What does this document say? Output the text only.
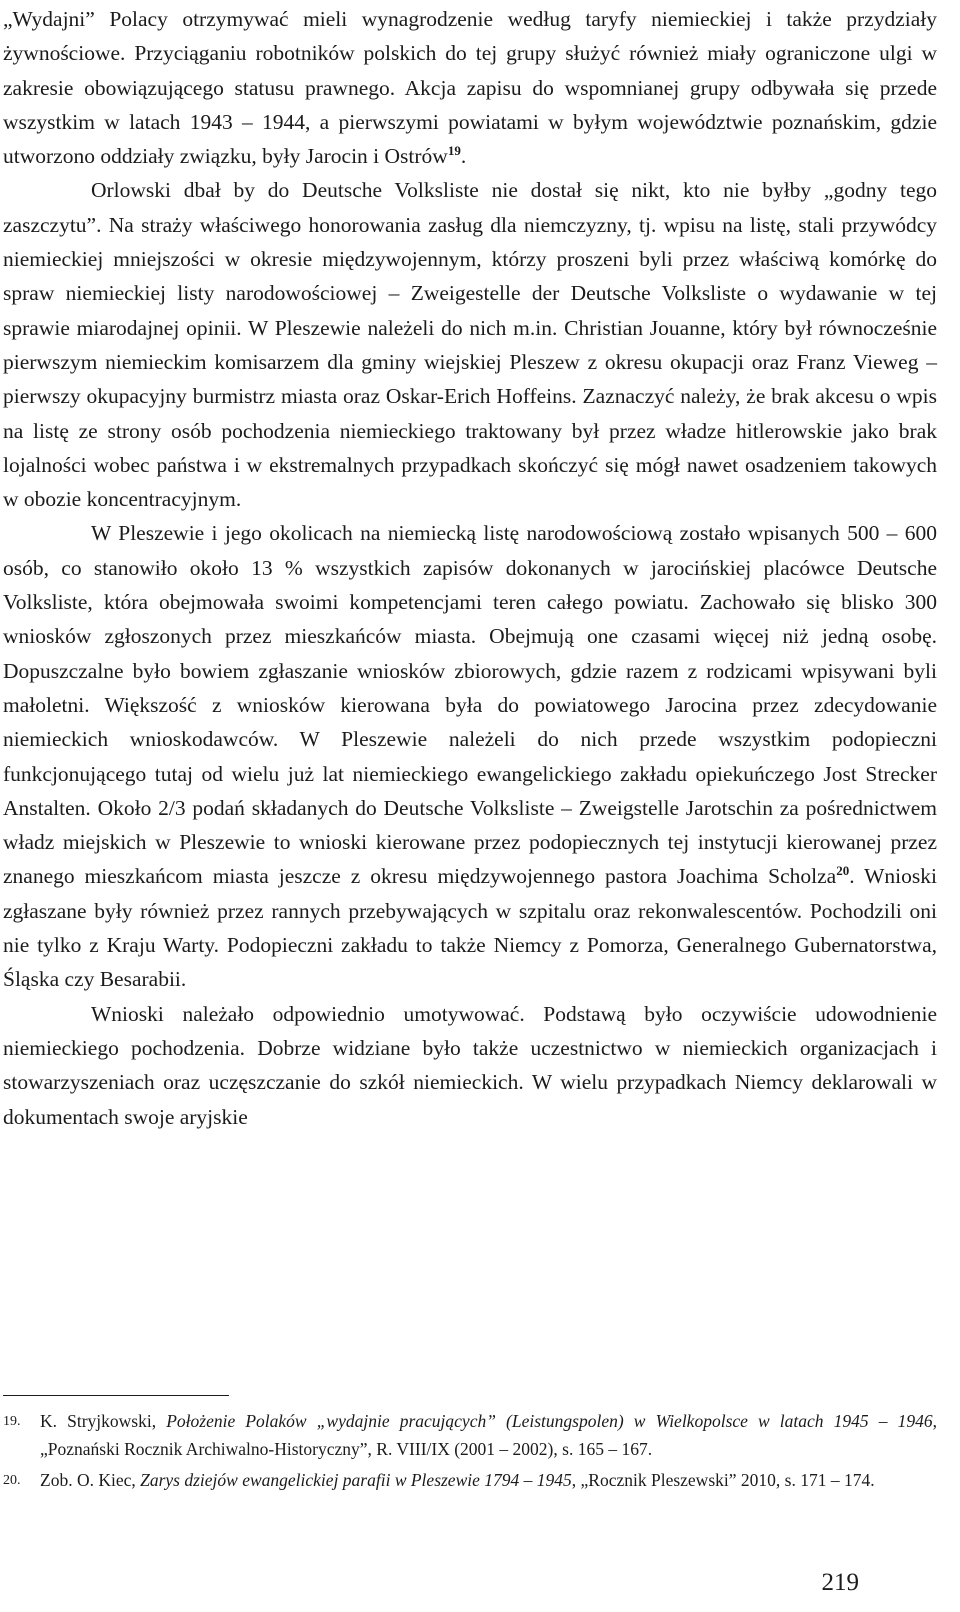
„Wydajni” Polacy otrzymywać mieli wynagrodzenie według taryfy niemieckiej i także przydziały żywnościowe. Przyciąganiu robotników polskich do tej grupy służyć również miały ograniczone ulgi w zakresie obowiązującego statusu prawnego. Akcja zapisu do wspomnianej grupy odbywała się przede wszystkim w latach 1943 – 1944, a pierwszymi powiatami w byłym województwie poznańskim, gdzie utworzono oddziały związku, były Jarocin i Ostrów$^{19}$.

Orlowski dbał by do Deutsche Volksliste nie dostał się nikt, kto nie byłby „godny tego zaszczytu”. Na straży właściwego honorowania zasług dla niemczyzny, tj. wpisu na listę, stali przywódcy niemieckiej mniejszości w okresie międzywojennym, którzy proszeni byli przez właściwą komórkę do spraw niemieckiej listy narodowościowej – Zweigestelle der Deutsche Volksliste o wydawanie w tej sprawie miarodajnej opinii. W Pleszewie należeli do nich m.in. Christian Jouanne, który był równocześnie pierwszym niemieckim komisarzem dla gminy wiejskiej Pleszew z okresu okupacji oraz Franz Vieweg – pierwszy okupacyjny burmistrz miasta oraz Oskar-Erich Hoffeins. Zaznaczyć należy, że brak akcesu o wpis na listę ze strony osób pochodzenia niemieckiego traktowany był przez władze hitlerowskie jako brak lojalności wobec państwa i w ekstremalnych przypadkach skończyć się mógł nawet osadzeniem takowych w obozie koncentracyjnym.

W Pleszewie i jego okolicach na niemiecką listę narodowościową zostało wpisanych 500 – 600 osób, co stanowiło około 13 % wszystkich zapisów dokonanych w jarocińskiej placówce Deutsche Volksliste, która obejmowała swoimi kompetencjami teren całego powiatu. Zachowało się blisko 300 wniosków zgłoszonych przez mieszkańców miasta. Obejmują one czasami więcej niż jedną osobę. Dopuszczalne było bowiem zgłaszanie wniosków zbiorowych, gdzie razem z rodzicami wpisywani byli małoletni. Większość z wniosków kierowana była do powiatowego Jarocina przez zdecydowanie niemieckich wnioskodawców. W Pleszewie należeli do nich przede wszystkim podopieczni funkcjonującego tutaj od wielu już lat niemieckiego ewangelickiego zakładu opiekuńczego Jost Strecker Anstalten. Około 2/3 podań składanych do Deutsche Volksliste – Zweigstelle Jarotschin za pośrednictwem władz miejskich w Pleszewie to wnioski kierowane przez podopiecznych tej instytucji kierowanej przez znanego mieszkańcom miasta jeszcze z okresu międzywojennego pastora Joachima Scholza$^{20}$. Wnioski zgłaszane były również przez rannych przebywających w szpitalu oraz rekonwalescentów. Pochodzili oni nie tylko z Kraju Warty. Podopieczni zakładu to także Niemcy z Pomorza, Generalnego Gubernatorstwa, Śląska czy Besarabii.

Wnioski należało odpowiednio umotywować. Podstawą było oczywiście udowodnienie niemieckiego pochodzenia. Dobrze widziane było także uczestnictwo w niemieckich organizacjach i stowarzyszeniach oraz uczęszczanie do szkół niemieckich. W wielu przypadkach Niemcy deklarowali w dokumentach swoje aryjskie

19. K. Stryjkowski, Położenie Polaków „wydajnie pracujących” (Leistungspolen) w Wielkopolsce w latach 1945 – 1946, „Poznański Rocznik Archiwalno-Historyczny”, R. VIII/IX (2001 – 2002), s. 165 – 167.
20. Zob. O. Kiec, Zarys dziejów ewangelickiej parafii w Pleszewie 1794 – 1945, „Rocznik Pleszewski” 2010, s. 171 – 174.
219
